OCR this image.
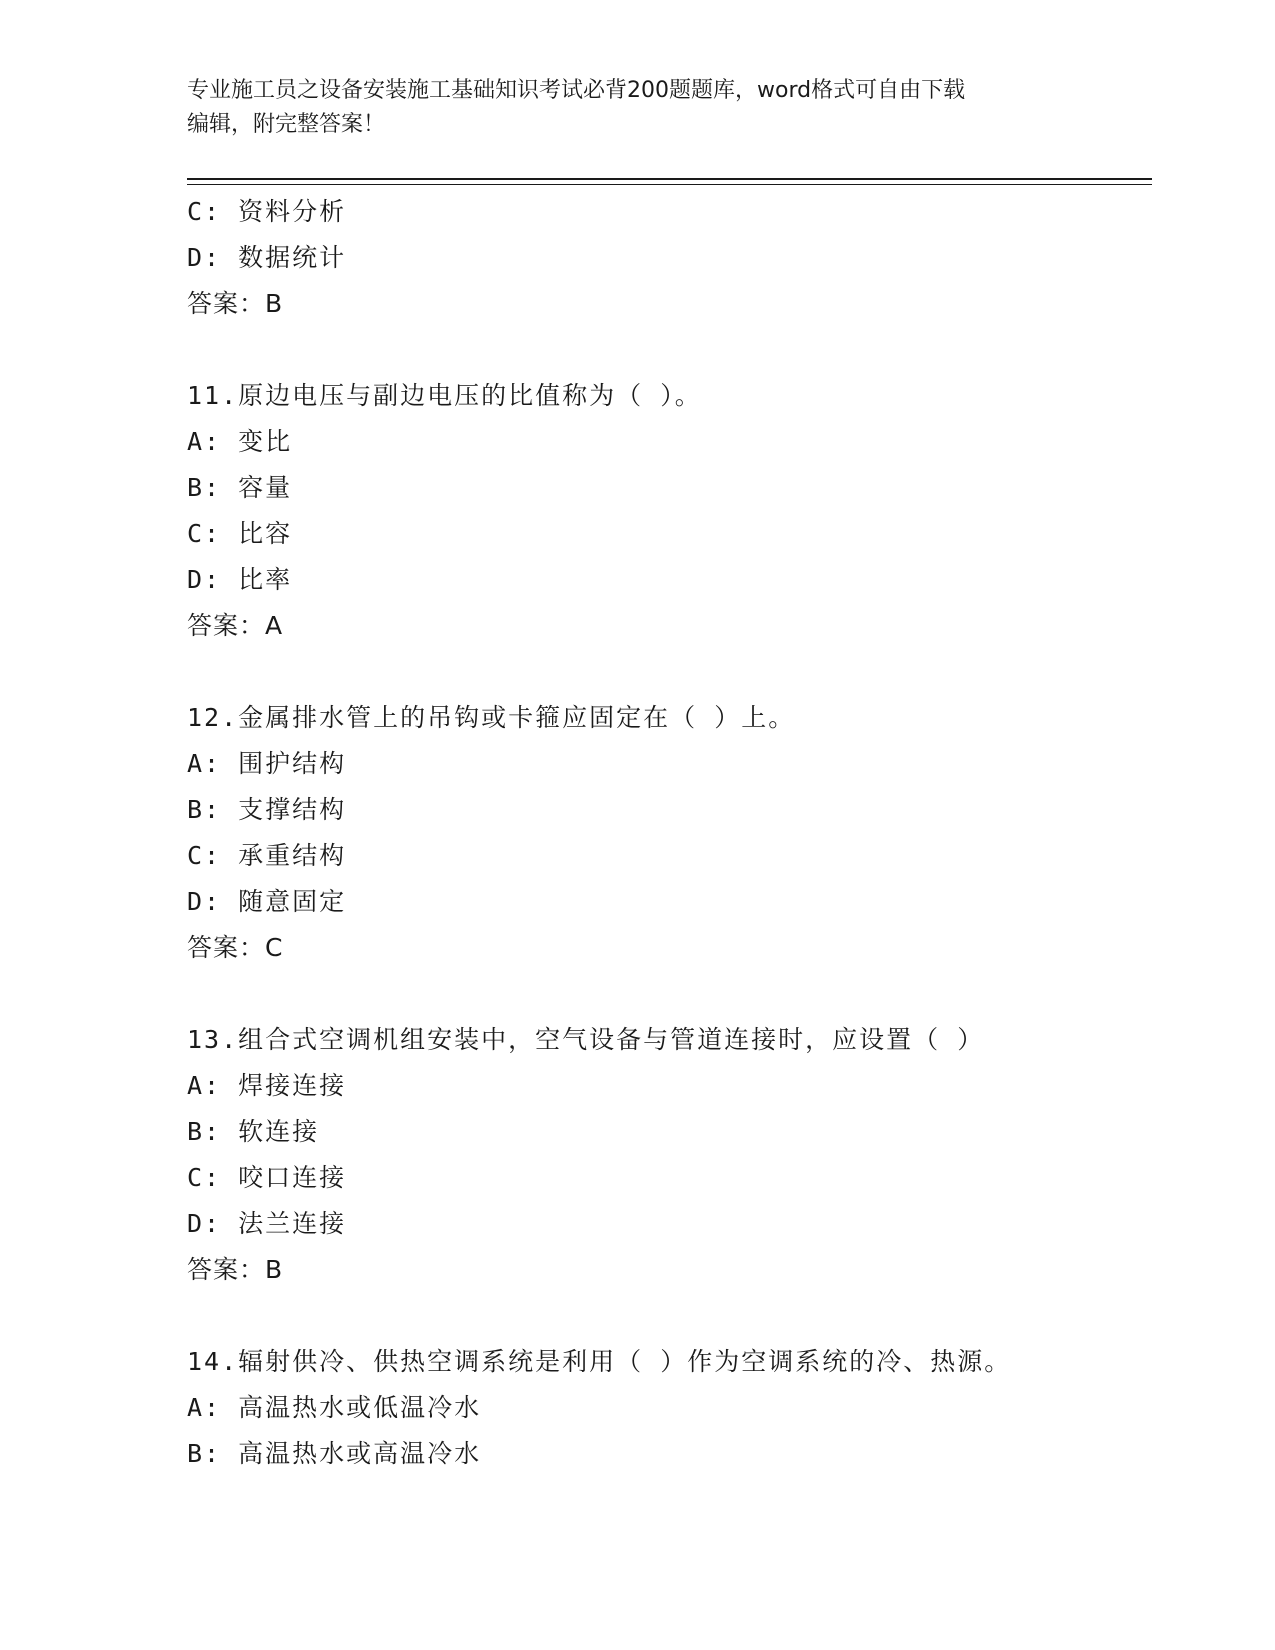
专业施工员之设备安装施工基础知识考试必背200题题库，word格式可自由下载
编辑，附完整答案！
C: 资料分析
D: 数据统计
答案：B
11.原边电压与副边电压的比值称为（ ）。
A: 变比
B: 容量
C: 比容
D: 比率
答案：A
12.金属排水管上的吊钩或卡箍应固定在（ ）上。
A: 围护结构
B: 支撑结构
C: 承重结构
D: 随意固定
答案：C
13.组合式空调机组安装中，空气设备与管道连接时，应设置（ ）
A: 焊接连接
B: 软连接
C: 咬口连接
D: 法兰连接
答案：B
14.辐射供冷、供热空调系统是利用（ ）作为空调系统的冷、热源。
A: 高温热水或低温冷水
B: 高温热水或高温冷水
